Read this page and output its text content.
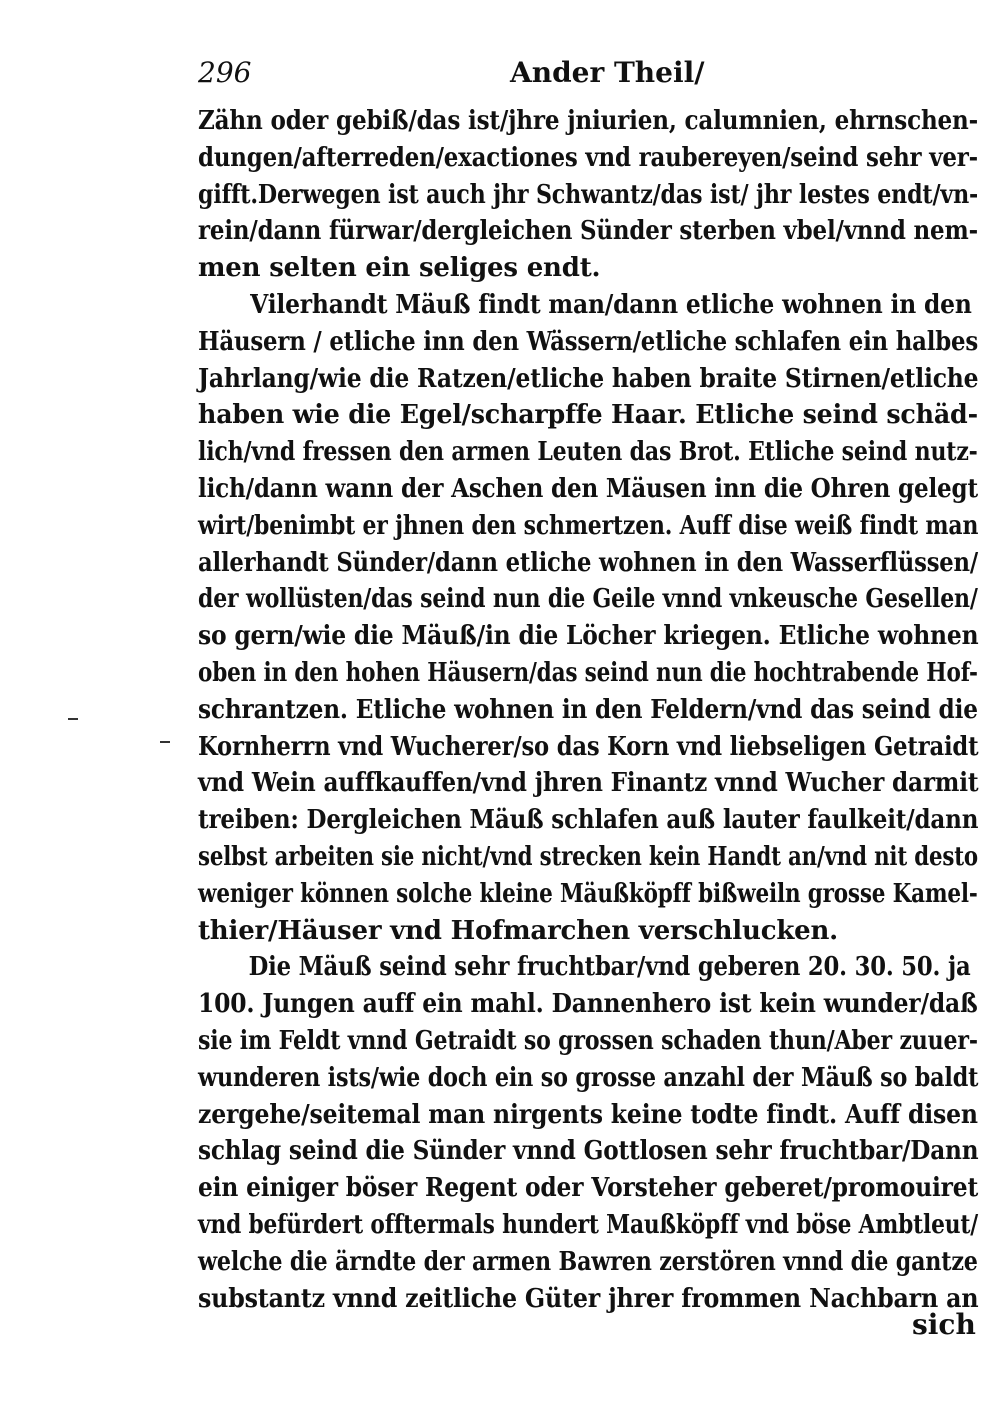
296	Ander Theil/
Zähn oder gebiß/das ist/jhre jniurien, calumnien, ehrnschen-
dungen/afterreden/exactiones vnd raubereyen/seind sehr ver-
gifft.Derwegen ist auch jhr Schwantz/das ist/ jhr lestes endt/vn-
rein/dann fürwar/dergleichen Sünder sterben vbel/vnnd nem-
men selten ein seliges endt.
Vilerhandt Mäuß findt man/dann etliche wohnen in den
Häusern / etliche inn den Wässern/etliche schlafen ein halbes
Jahrlang/wie die Ratzen/etliche haben braite Stirnen/etliche
haben wie die Egel/scharpffe Haar. Etliche seind schäd-
lich/vnd fressen den armen Leuten das Brot. Etliche seind nutz-
lich/dann wann der Aschen den Mäusen inn die Ohren gelegt
wirt/benimbt er jhnen den schmertzen. Auff dise weiß findt man
allerhandt Sünder/dann etliche wohnen in den Wasserflüssen/
der wollüsten/das seind nun die Geile vnnd vnkeusche Gesellen/
so gern/wie die Mäuß/in die Löcher kriegen. Etliche wohnen
oben in den hohen Häusern/das seind nun die hochtrabende Hof-
schrantzen. Etliche wohnen in den Feldern/vnd das seind die
Kornherrn vnd Wucherer/so das Korn vnd liebseligen Getraidt
vnd Wein auffkauffen/vnd jhren Finantz vnnd Wucher darmit
treiben: Dergleichen Mäuß schlafen auß lauter faulkeit/dann
selbst arbeiten sie nicht/vnd strecken kein Handt an/vnd nit desto
weniger können solche kleine Mäußköpff bißweiln grosse Kamel-
thier/Häuser vnd Hofmarchen verschlucken.
Die Mäuß seind sehr fruchtbar/vnd geberen 20. 30. 50. ja
100. Jungen auff ein mahl. Dannenhero ist kein wunder/daß
sie im Feldt vnnd Getraidt so grossen schaden thun/Aber zuuer-
wunderen ists/wie doch ein so grosse anzahl der Mäuß so baldt
zergehe/seitemal man nirgents keine todte findt. Auff disen
schlag seind die Sünder vnnd Gottlosen sehr fruchtbar/Dann
ein einiger böser Regent oder Vorsteher geberet/promouiret
vnd befürdert offtermals hundert Maußköpff vnd böse Ambtleut/
welche die ärndte der armen Bawren zerstören vnnd die gantze
substantz vnnd zeitliche Güter jhrer frommen Nachbarn an
sich
